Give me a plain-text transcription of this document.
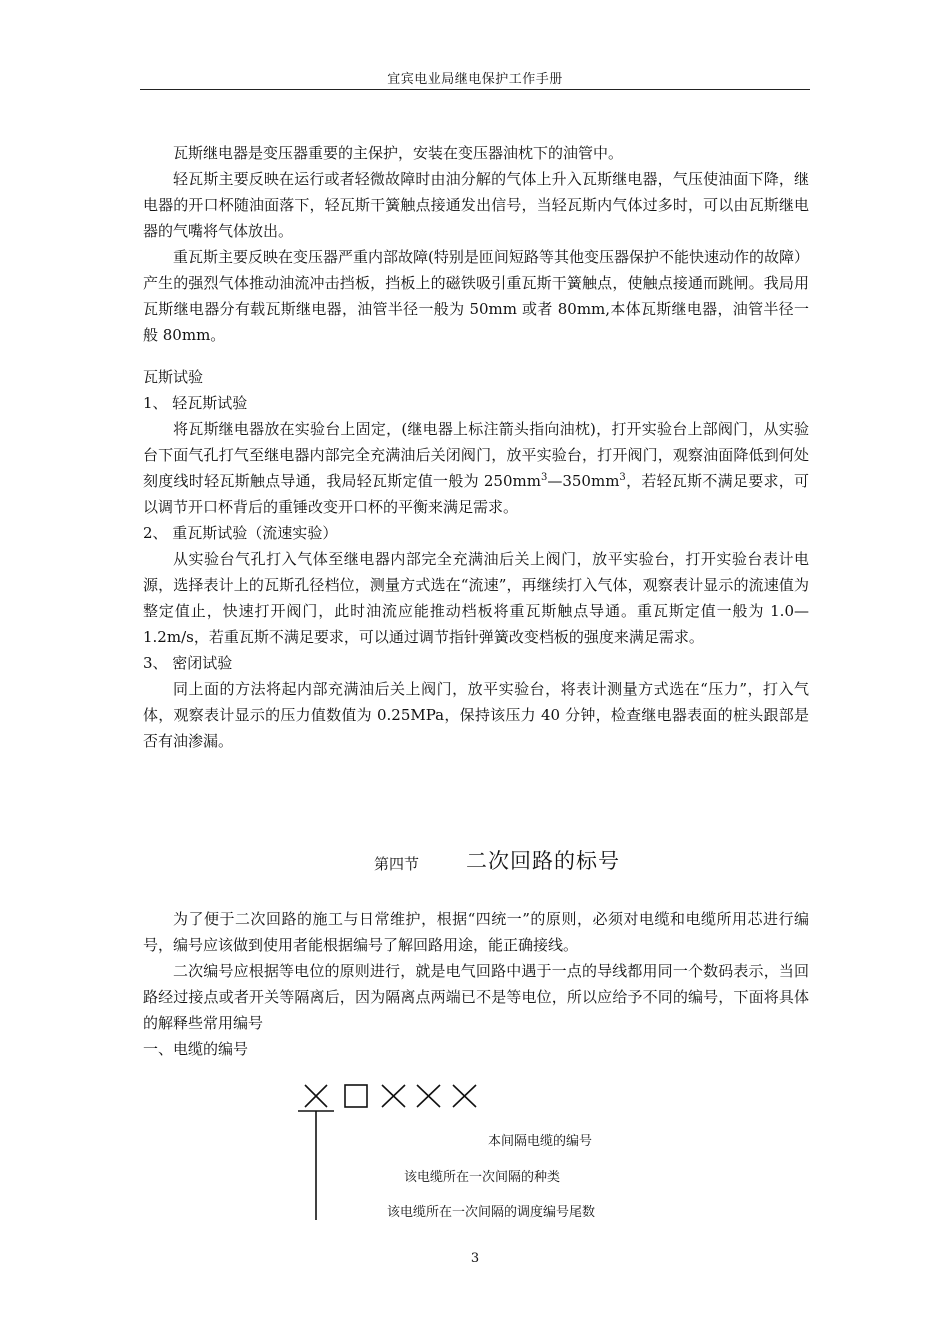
宜宾电业局继电保护工作手册

瓦斯继电器是变压器重要的主保护，安装在变压器油枕下的油管中。

轻瓦斯主要反映在运行或者轻微故障时由油分解的气体上升入瓦斯继电器，气压使油面下降，继电器的开口杯随油面落下，轻瓦斯干簧触点接通发出信号，当轻瓦斯内气体过多时，可以由瓦斯继电器的气嘴将气体放出。

重瓦斯主要反映在变压器严重内部故障(特别是匝间短路等其他变压器保护不能快速动作的故障）产生的强烈气体推动油流冲击挡板，挡板上的磁铁吸引重瓦斯干簧触点，使触点接通而跳闸。我局用瓦斯继电器分有载瓦斯继电器，油管半径一般为 50mm 或者 80mm,本体瓦斯继电器，油管半径一般 80mm。

瓦斯试验

1、 轻瓦斯试验

将瓦斯继电器放在实验台上固定，(继电器上标注箭头指向油枕)，打开实验台上部阀门，从实验台下面气孔打气至继电器内部完全充满油后关闭阀门，放平实验台，打开阀门，观察油面降低到何处刻度线时轻瓦斯触点导通，我局轻瓦斯定值一般为 $250mm^3—350mm^3$，若轻瓦斯不满足要求，可以调节开口杯背后的重锤改变开口杯的平衡来满足需求。

2、 重瓦斯试验（流速实验）

从实验台气孔打入气体至继电器内部完全充满油后关上阀门，放平实验台，打开实验台表计电源，选择表计上的瓦斯孔径档位，测量方式选在“流速”，再继续打入气体，观察表计显示的流速值为整定值止，快速打开阀门，此时油流应能推动档板将重瓦斯触点导通。重瓦斯定值一般为 1.0—1.2m/s，若重瓦斯不满足要求，可以通过调节指针弹簧改变档板的强度来满足需求。

3、 密闭试验

同上面的方法将起内部充满油后关上阀门，放平实验台，将表计测量方式选在“压力”，打入气体，观察表计显示的压力值数值为 0.25MPa，保持该压力 40 分钟，检查继电器表面的桩头跟部是否有油渗漏。

第四节 二次回路的标号

为了便于二次回路的施工与日常维护，根据“四统一”的原则，必须对电缆和电缆所用芯进行编号，编号应该做到使用者能根据编号了解回路用途，能正确接线。

二次编号应根据等电位的原则进行，就是电气回路中遇于一点的导线都用同一个数码表示，当回路经过接点或者开关等隔离后，因为隔离点两端已不是等电位，所以应给予不同的编号，下面将具体的解释些常用编号

一、电缆的编号

本间隔电缆的编号
该电缆所在一次间隔的种类
该电缆所在一次间隔的调度编号尾数
3
